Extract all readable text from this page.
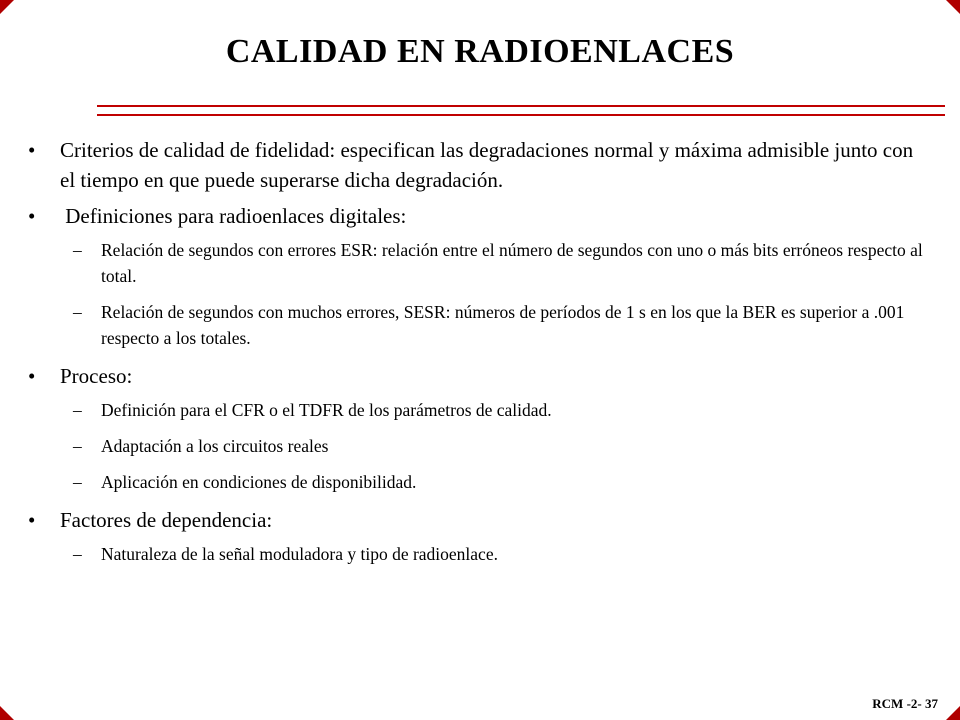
CALIDAD EN RADIOENLACES
• Criterios de calidad de fidelidad: especifican las degradaciones normal y máxima admisible junto con el tiempo en que puede superarse dicha degradación.
• Definiciones para radioenlaces digitales:
– Relación de segundos con errores ESR: relación entre el número de segundos con uno o más bits erróneos respecto al total.
– Relación de segundos con muchos errores, SESR: números de períodos de 1 s en los que la BER es superior a .001 respecto a los totales.
• Proceso:
– Definición para el CFR o el TDFR de los parámetros de calidad.
– Adaptación a los circuitos reales
– Aplicación en condiciones de disponibilidad.
• Factores de dependencia:
– Naturaleza de la señal moduladora y tipo de radioenlace.
RCM -2- 37
